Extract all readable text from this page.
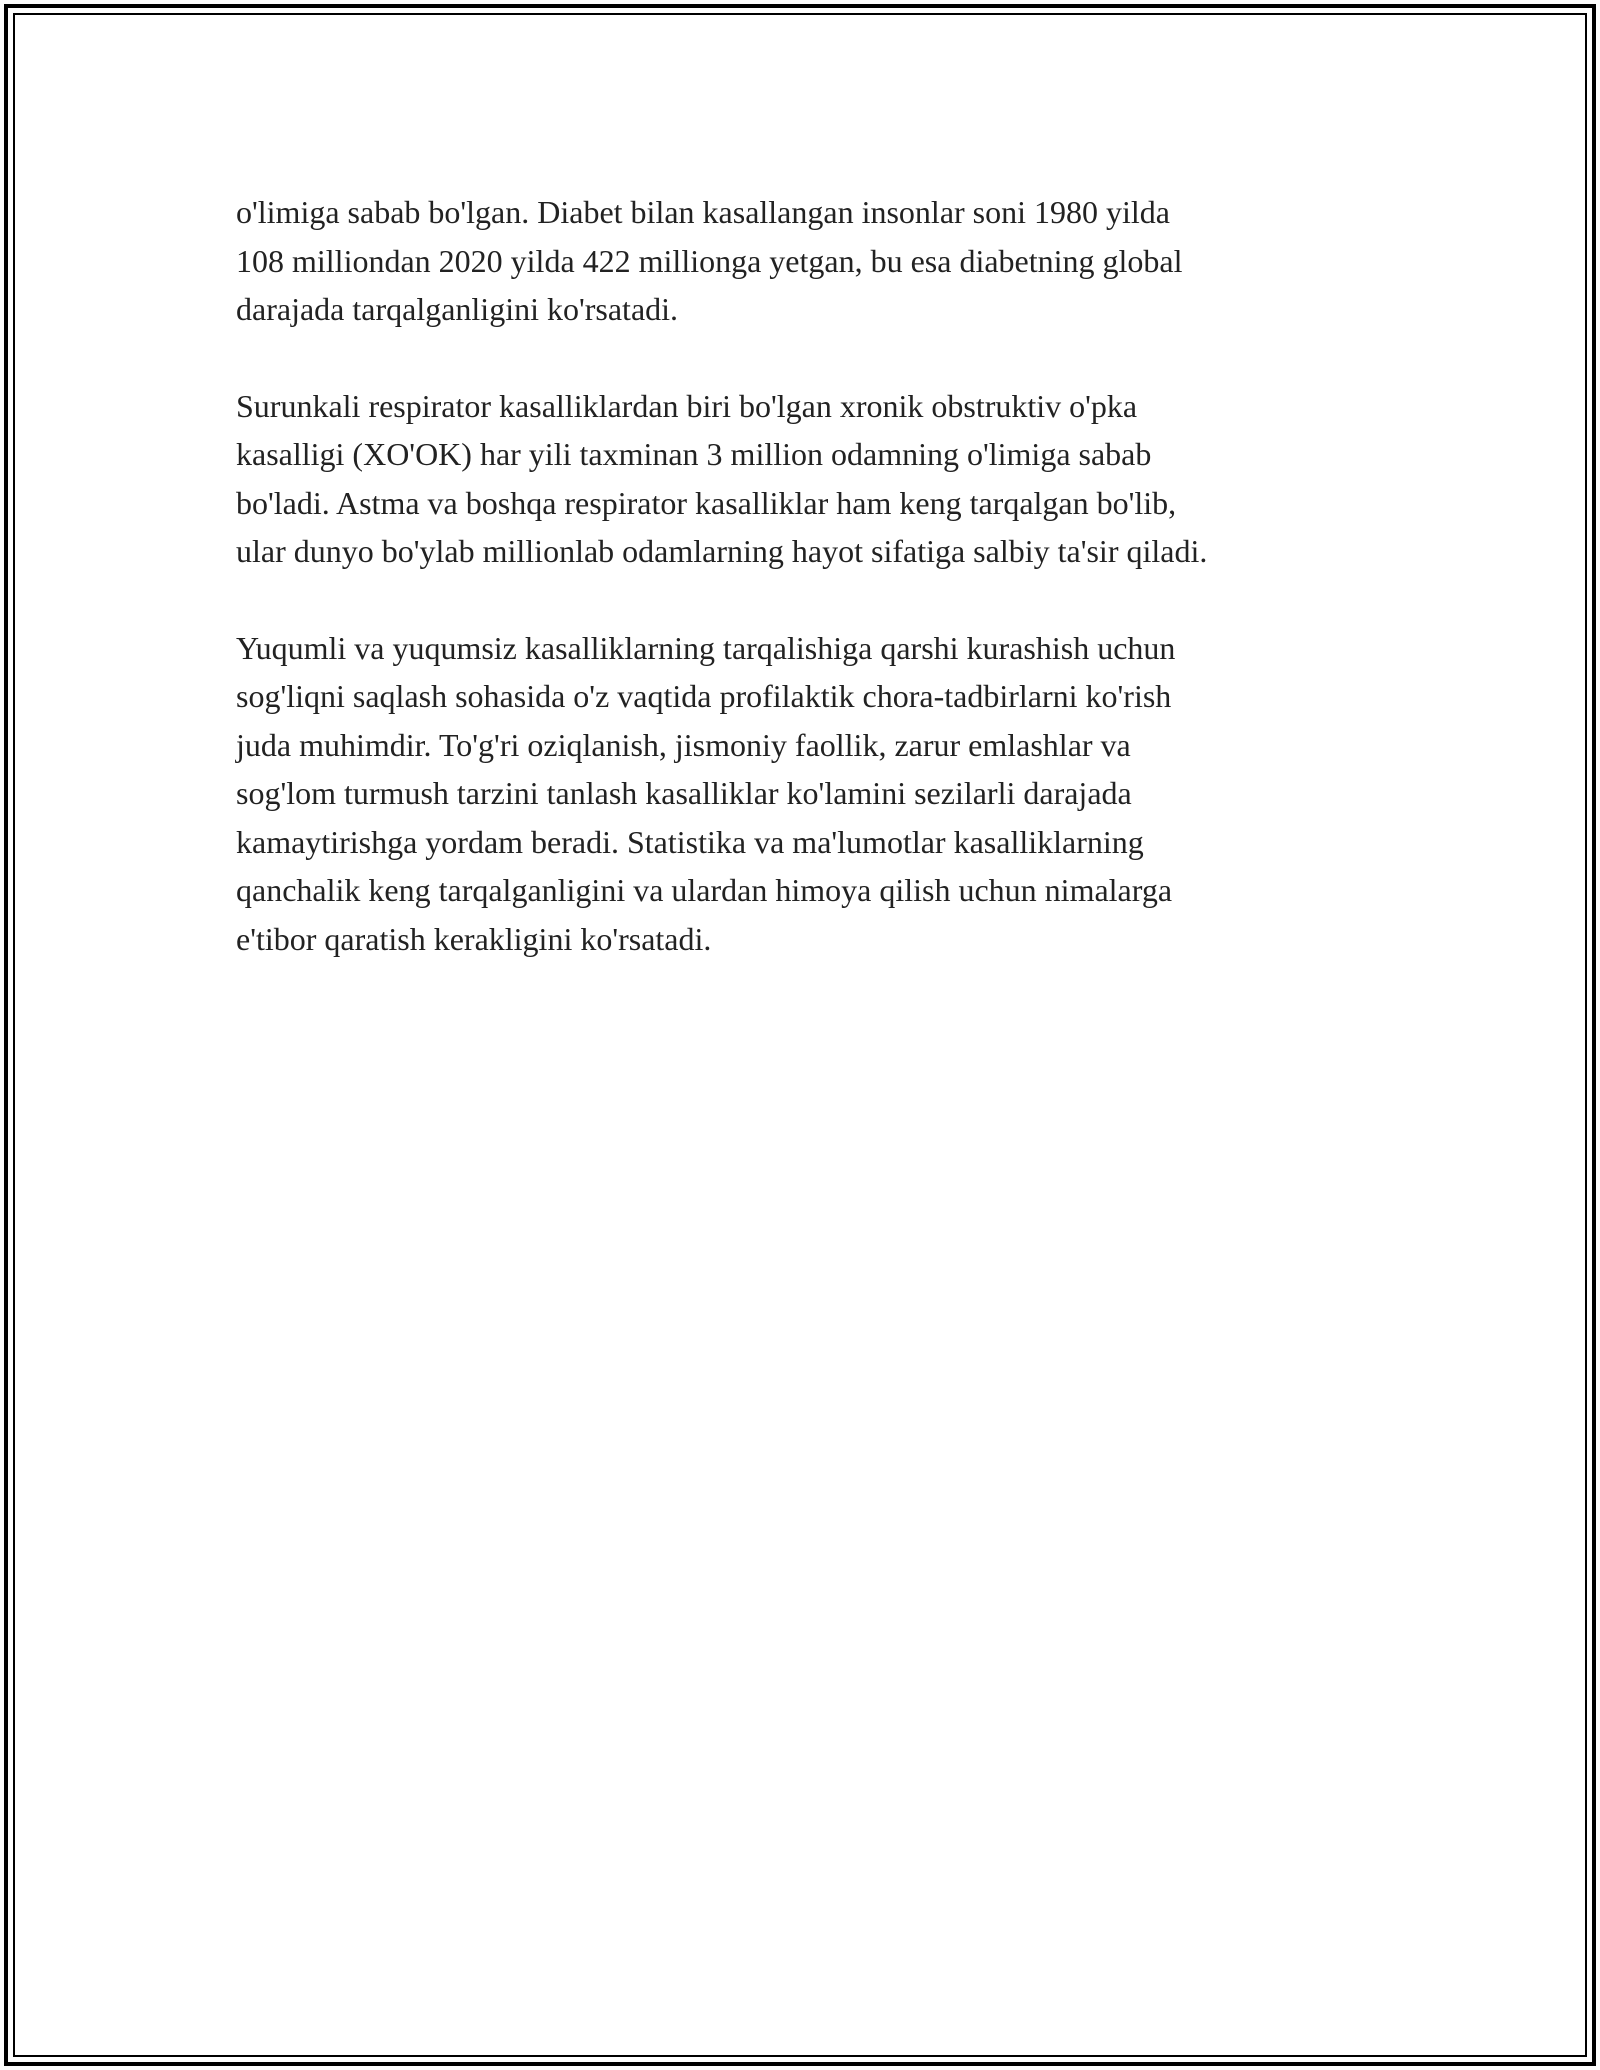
o'limiga sabab bo'lgan. Diabet bilan kasallangan insonlar soni 1980 yilda
108 milliondan 2020 yilda 422 millionga yetgan, bu esa diabetning global
darajada tarqalganligini ko'rsatadi.

Surunkali respirator kasalliklardan biri bo'lgan xronik obstruktiv o'pka
kasalligi (XO'OK) har yili taxminan 3 million odamning o'limiga sabab
bo'ladi. Astma va boshqa respirator kasalliklar ham keng tarqalgan bo'lib,
ular dunyo bo'ylab millionlab odamlarning hayot sifatiga salbiy ta'sir qiladi.

Yuqumli va yuqumsiz kasalliklarning tarqalishiga qarshi kurashish uchun
sog'liqni saqlash sohasida o'z vaqtida profilaktik chora-tadbirlarni ko'rish
juda muhimdir. To'g'ri oziqlanish, jismoniy faollik, zarur emlashlar va
sog'lom turmush tarzini tanlash kasalliklar ko'lamini sezilarli darajada
kamaytirishga yordam beradi. Statistika va ma'lumotlar kasalliklarning
qanchalik keng tarqalganligini va ulardan himoya qilish uchun nimalarga
e'tibor qaratish kerakligini ko'rsatadi.
